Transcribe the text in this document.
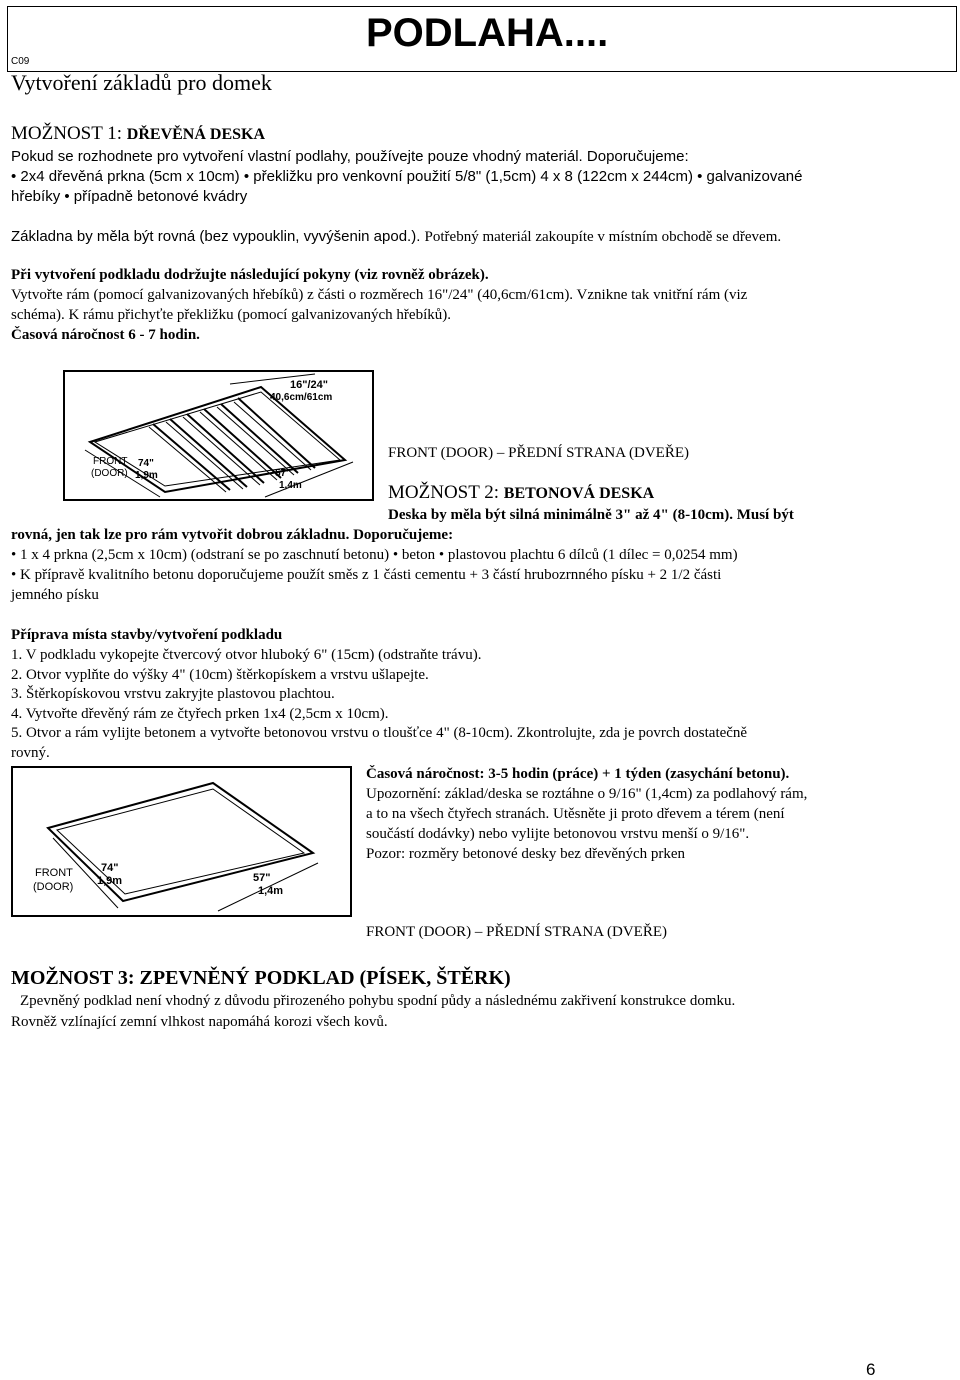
C09
Vytvoření základů pro domek
PODLAHA....
MOŽNOST 1: DŘEVĚNÁ DESKA
Pokud se rozhodnete pro vytvoření vlastní podlahy, používejte pouze vhodný materiál. Doporučujeme:
• 2x4 dřevěná prkna (5cm x 10cm) • překližku pro venkovní použití 5/8" (1,5cm) 4 x 8 (122cm x 244cm) • galvanizované
hřebíky • případně betonové kvádry
Základna by měla být rovná (bez vypouklin, vyvýšenin apod.). Potřebný materiál zakoupíte v místním obchodě se dřevem.
Při vytvoření podkladu dodržujte následující pokyny (viz rovněž obrázek).
Vytvořte rám (pomocí galvanizovaných hřebíků) z části o rozměrech 16"/24" (40,6cm/61cm). Vznikne tak vnitřní rám (viz
schéma). K rámu přichyťte překližku (pomocí galvanizovaných hřebíků).
Časová náročnost 6 - 7 hodin.
16"/24"
40,6cm/61cm
FRONT
(DOOR)
74"
1,9m	57"
1,4m
FRONT (DOOR) – PŘEDNÍ STRANA (DVEŘE)
MOŽNOST 2: BETONOVÁ DESKA
Deska by měla být silná minimálně 3" až 4" (8-10cm). Musí být
rovná, jen tak lze pro rám vytvořit dobrou základnu. Doporučujeme:
• 1 x 4 prkna (2,5cm x 10cm) (odstraní se po zaschnutí betonu) • beton • plastovou plachtu 6 dílců (1 dílec = 0,0254 mm)
• K přípravě kvalitního betonu doporučujeme použít směs z 1 části cementu + 3 částí hrubozrnného písku + 2 1/2 části
jemného písku
Příprava místa stavby/vytvoření podkladu
1. V podkladu vykopejte čtvercový otvor hluboký 6" (15cm) (odstraňte trávu).
2. Otvor vyplňte do výšky 4" (10cm) štěrkopískem a vrstvu ušlapejte.
3. Štěrkopískovou vrstvu zakryjte plastovou plachtou.
4. Vytvořte dřevěný rám ze čtyřech prken 1x4 (2,5cm x 10cm).
5. Otvor a rám vylijte betonem a vytvořte betonovou vrstvu o tloušťce 4" (8-10cm). Zkontrolujte, zda je povrch dostatečně
rovný.
Časová náročnost: 3-5 hodin (práce) + 1 týden (zasychání betonu).
Upozornění: základ/deska se roztáhne o 9/16" (1,4cm) za podlahový rám,
a to na všech čtyřech stranách. Utěsněte ji proto dřevem a térem (není
součástí dodávky) nebo vylijte betonovou vrstvu menší o 9/16".
Pozor: rozměry betonové desky bez dřevěných prken
FRONT
(DOOR)
74"
1,9m	57"
1,4m
FRONT (DOOR) – PŘEDNÍ STRANA (DVEŘE)
MOŽNOST 3: ZPEVNĚNÝ PODKLAD (PÍSEK, ŠTĚRK)
Zpevněný podklad není vhodný z důvodu přirozeného pohybu spodní půdy a následnému zakřivení konstrukce domku.
Rovněž vzlínající zemní vlhkost napomáhá korozi všech kovů.
6
